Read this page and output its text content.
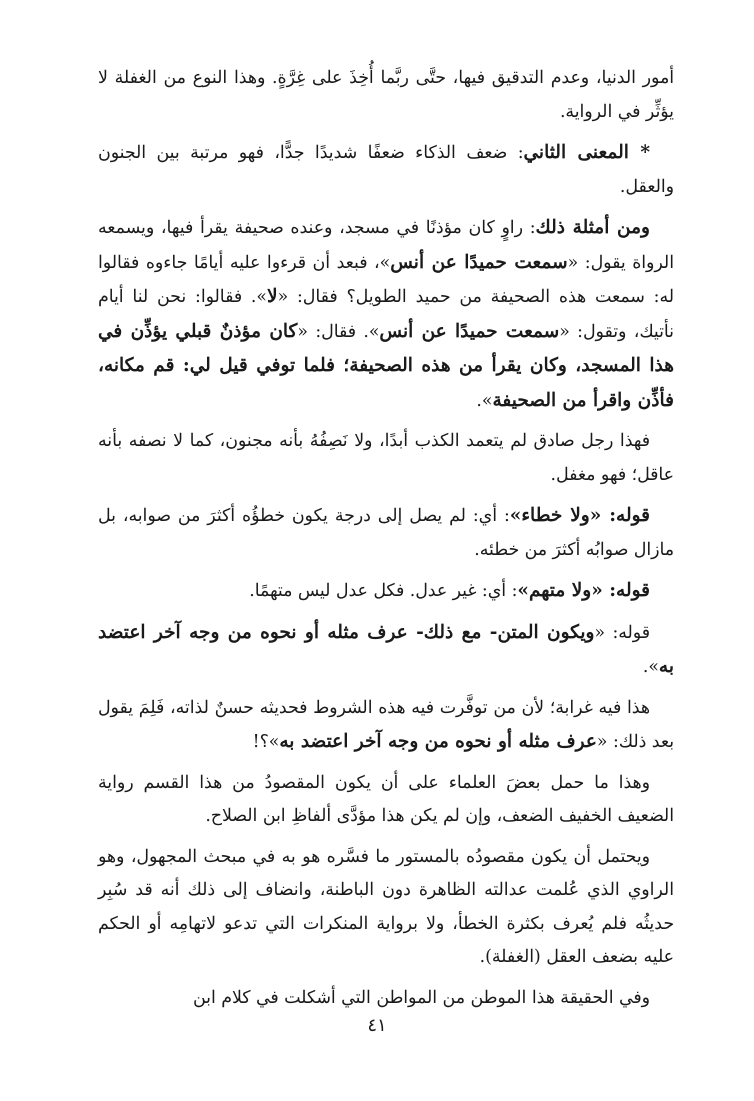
أمور الدنيا، وعدم التدقيق فيها، حتَّى ربَّما أُخِذَ على غِرَّةٍ. وهذا النوع من الغفلة لا يؤثِّر في الرواية.

* المعنى الثاني: ضعف الذكاء ضعفًا شديدًا جدًّا، فهو مرتبة بين الجنون والعقل.

ومن أمثلة ذلك: راوٍ كان مؤذنًا في مسجد، وعنده صحيفة يقرأ فيها، ويسمعه الرواة يقول: «سمعت حميدًا عن أنس»، فبعد أن قرءوا عليه أيامًا جاءوه فقالوا له: سمعت هذه الصحيفة من حميد الطويل؟ فقال: «لا». فقالوا: نحن لنا أيام نأتيك، وتقول: «سمعت حميدًا عن أنس». فقال: «كان مؤذنٌ قبلي يؤذِّن في هذا المسجد، وكان يقرأ من هذه الصحيفة؛ فلما توفي قيل لي: قم مكانه، فأذِّن واقرأ من الصحيفة».

فهذا رجل صادق لم يتعمد الكذب أبدًا، ولا نَصِفُهُ بأنه مجنون، كما لا نصفه بأنه عاقل؛ فهو مغفل.

قوله: «ولا خطاء»: أي: لم يصل إلى درجة يكون خطؤُه أكثرَ من صوابه، بل مازال صوابُه أكثرَ من خطئه.

قوله: «ولا متهم»: أي: غير عدل. فكل عدل ليس متهمًا.

قوله: «ويكون المتن- مع ذلك- عرف مثله أو نحوه من وجه آخر اعتضد به».

هذا فيه غرابة؛ لأن من توفَّرت فيه هذه الشروط فحديثه حسنٌ لذاته، فَلِمَ يقول بعد ذلك: «عرف مثله أو نحوه من وجه آخر اعتضد به»؟!

وهذا ما حمل بعضَ العلماء على أن يكون المقصودُ من هذا القسم رواية الضعيف الخفيف الضعف، وإن لم يكن هذا مؤدَّى ألفاظِ ابن الصلاح.

ويحتمل أن يكون مقصودُه بالمستور ما فسَّره هو به في مبحث المجهول، وهو الراوي الذي عُلمت عدالته الظاهرة دون الباطنة، وانضاف إلى ذلك أنه قد سُبِر حديثُه فلم يُعرف بكثرة الخطأ، ولا برواية المنكرات التي تدعو لاتهامِه أو الحكم عليه بضعف العقل (الغفلة).

وفي الحقيقة هذا الموطن من المواطن التي أشكلت في كلام ابن

٤١
